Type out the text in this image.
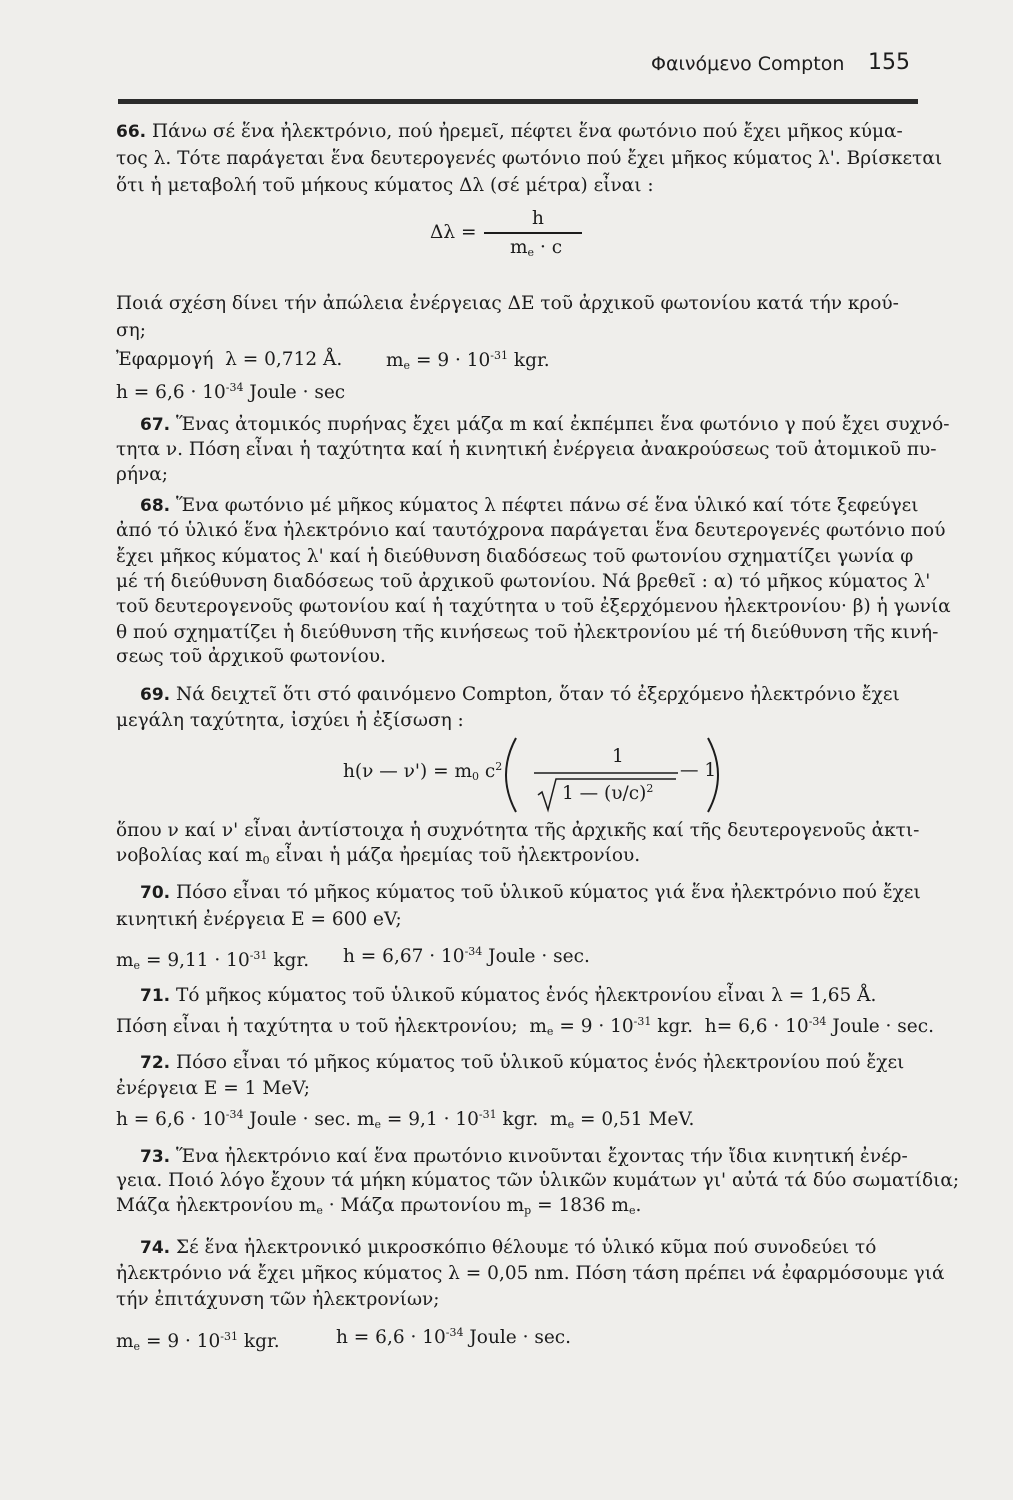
Φαινόμενο Compton 155
66. Πάνω σέ ἕνα ἠλεκτρόνιο, πού ἠρεμεῖ, πέφτει ἕνα φωτόνιο πού ἔχει μῆκος κύμα-
τος λ. Τότε παράγεται ἕνα δευτερογενές φωτόνιο πού ἔχει μῆκος κύματος λ'. Βρίσκεται
ὅτι ἡ μεταβολή τοῦ μήκους κύματος Δλ (σέ μέτρα) εἶναι :
Δλ =
h
$m_e \cdot c$
Ποιά σχέση δίνει τήν ἀπώλεια ἐνέργειας ΔΕ τοῦ ἀρχικοῦ φωτονίου κατά τήν κρού-
ση;
Ἐφαρμογή λ = 0,712 Å. $m_e = 9 \cdot 10^{-31}$ kgr.
$h = 6,6 \cdot 10^{-34}$ Joule · sec
67. Ἕνας ἀτομικός πυρήνας ἔχει μάζα m καί ἐκπέμπει ἕνα φωτόνιο γ πού ἔχει συχνό-
τητα ν. Πόση εἶναι ἡ ταχύτητα καί ἡ κινητική ἐνέργεια ἀνακρούσεως τοῦ ἀτομικοῦ πυ-
ρήνα;
68. Ἕνα φωτόνιο μέ μῆκος κύματος λ πέφτει πάνω σέ ἕνα ὑλικό καί τότε ξεφεύγει
ἀπό τό ὑλικό ἕνα ἠλεκτρόνιο καί ταυτόχρονα παράγεται ἕνα δευτερογενές φωτόνιο πού
ἔχει μῆκος κύματος λ' καί ἡ διεύθυνση διαδόσεως τοῦ φωτονίου σχηματίζει γωνία φ
μέ τή διεύθυνση διαδόσεως τοῦ ἀρχικοῦ φωτονίου. Νά βρεθεῖ : α) τό μῆκος κύματος λ'
τοῦ δευτερογενοῦς φωτονίου καί ἡ ταχύτητα υ τοῦ ἐξερχόμενου ἠλεκτρονίου· β) ἡ γωνία
θ πού σχηματίζει ἡ διεύθυνση τῆς κινήσεως τοῦ ἠλεκτρονίου μέ τή διεύθυνση τῆς κινή-
σεως τοῦ ἀρχικοῦ φωτονίου.
69. Νά δειχτεῖ ὅτι στό φαινόμενο Compton, ὅταν τό ἐξερχόμενο ἠλεκτρόνιο ἔχει
μεγάλη ταχύτητα, ἰσχύει ἡ ἐξίσωση :
h(ν — $\nu') = m_0$ $c^2$	1
1 — $(\upsilon/c)^2$
— 1
ὅπου ν καί ν' εἶναι ἀντίστοιχα ἡ συχνότητα τῆς ἀρχικῆς καί τῆς δευτερογενοῦς ἀκτι-
νοβολίας καί $m_0$ εἶναι ἡ μάζα ἠρεμίας τοῦ ἠλεκτρονίου.
70. Πόσο εἶναι τό μῆκος κύματος τοῦ ὑλικοῦ κύματος γιά ἕνα ἠλεκτρόνιο πού ἔχει
κινητική ἐνέργεια Ε = 600 eV;
$m_e = 9,11 \cdot 10^{-31}$ kgr. $h = 6,67 \cdot 10^{-34}$ Joule · sec.
71. Τό μῆκος κύματος τοῦ ὑλικοῦ κύματος ἑνός ἠλεκτρονίου εἶναι λ = 1,65 Å.
Πόση εἶναι ἡ ταχύτητα υ τοῦ ἠλεκτρονίου; $m_e = 9 \cdot 10^{-31}$ kgr. $h= 6,6 \cdot 10^{-34}$ Joule · sec.
72. Πόσο εἶναι τό μῆκος κύματος τοῦ ὑλικοῦ κύματος ἑνός ἠλεκτρονίου πού ἔχει
ἐνέργεια Ε = 1 MeV;
$h = 6,6 \cdot 10^{-34}$ Joule · sec. $m_e = 9,1 \cdot 10^{-31}$ kgr. $m_e = 0,51$ MeV.
73. Ἕνα ἠλεκτρόνιο καί ἕνα πρωτόνιο κινοῦνται ἔχοντας τήν ἴδια κινητική ἐνέρ-
γεια. Ποιό λόγο ἔχουν τά μήκη κύματος τῶν ὑλικῶν κυμάτων γι' αὐτά τά δύο σωματίδια;
Μάζα ἠλεκτρονίου $m_e \cdot Mά\zeta\alpha$ πρωτονίου $m_p = 1836$ $m_e$.
74. Σέ ἕνα ἠλεκτρονικό μικροσκόπιο θέλουμε τό ὑλικό κῦμα πού συνοδεύει τό
ἠλεκτρόνιο νά ἔχει μῆκος κύματος λ = 0,05 nm. Πόση τάση πρέπει νά ἐφαρμόσουμε γιά
τήν ἐπιτάχυνση τῶν ἠλεκτρονίων;
$m_e = 9 \cdot 10^{-31}$ kgr.	$h = 6,6 \cdot 10^{-34}$ Joule · sec.
